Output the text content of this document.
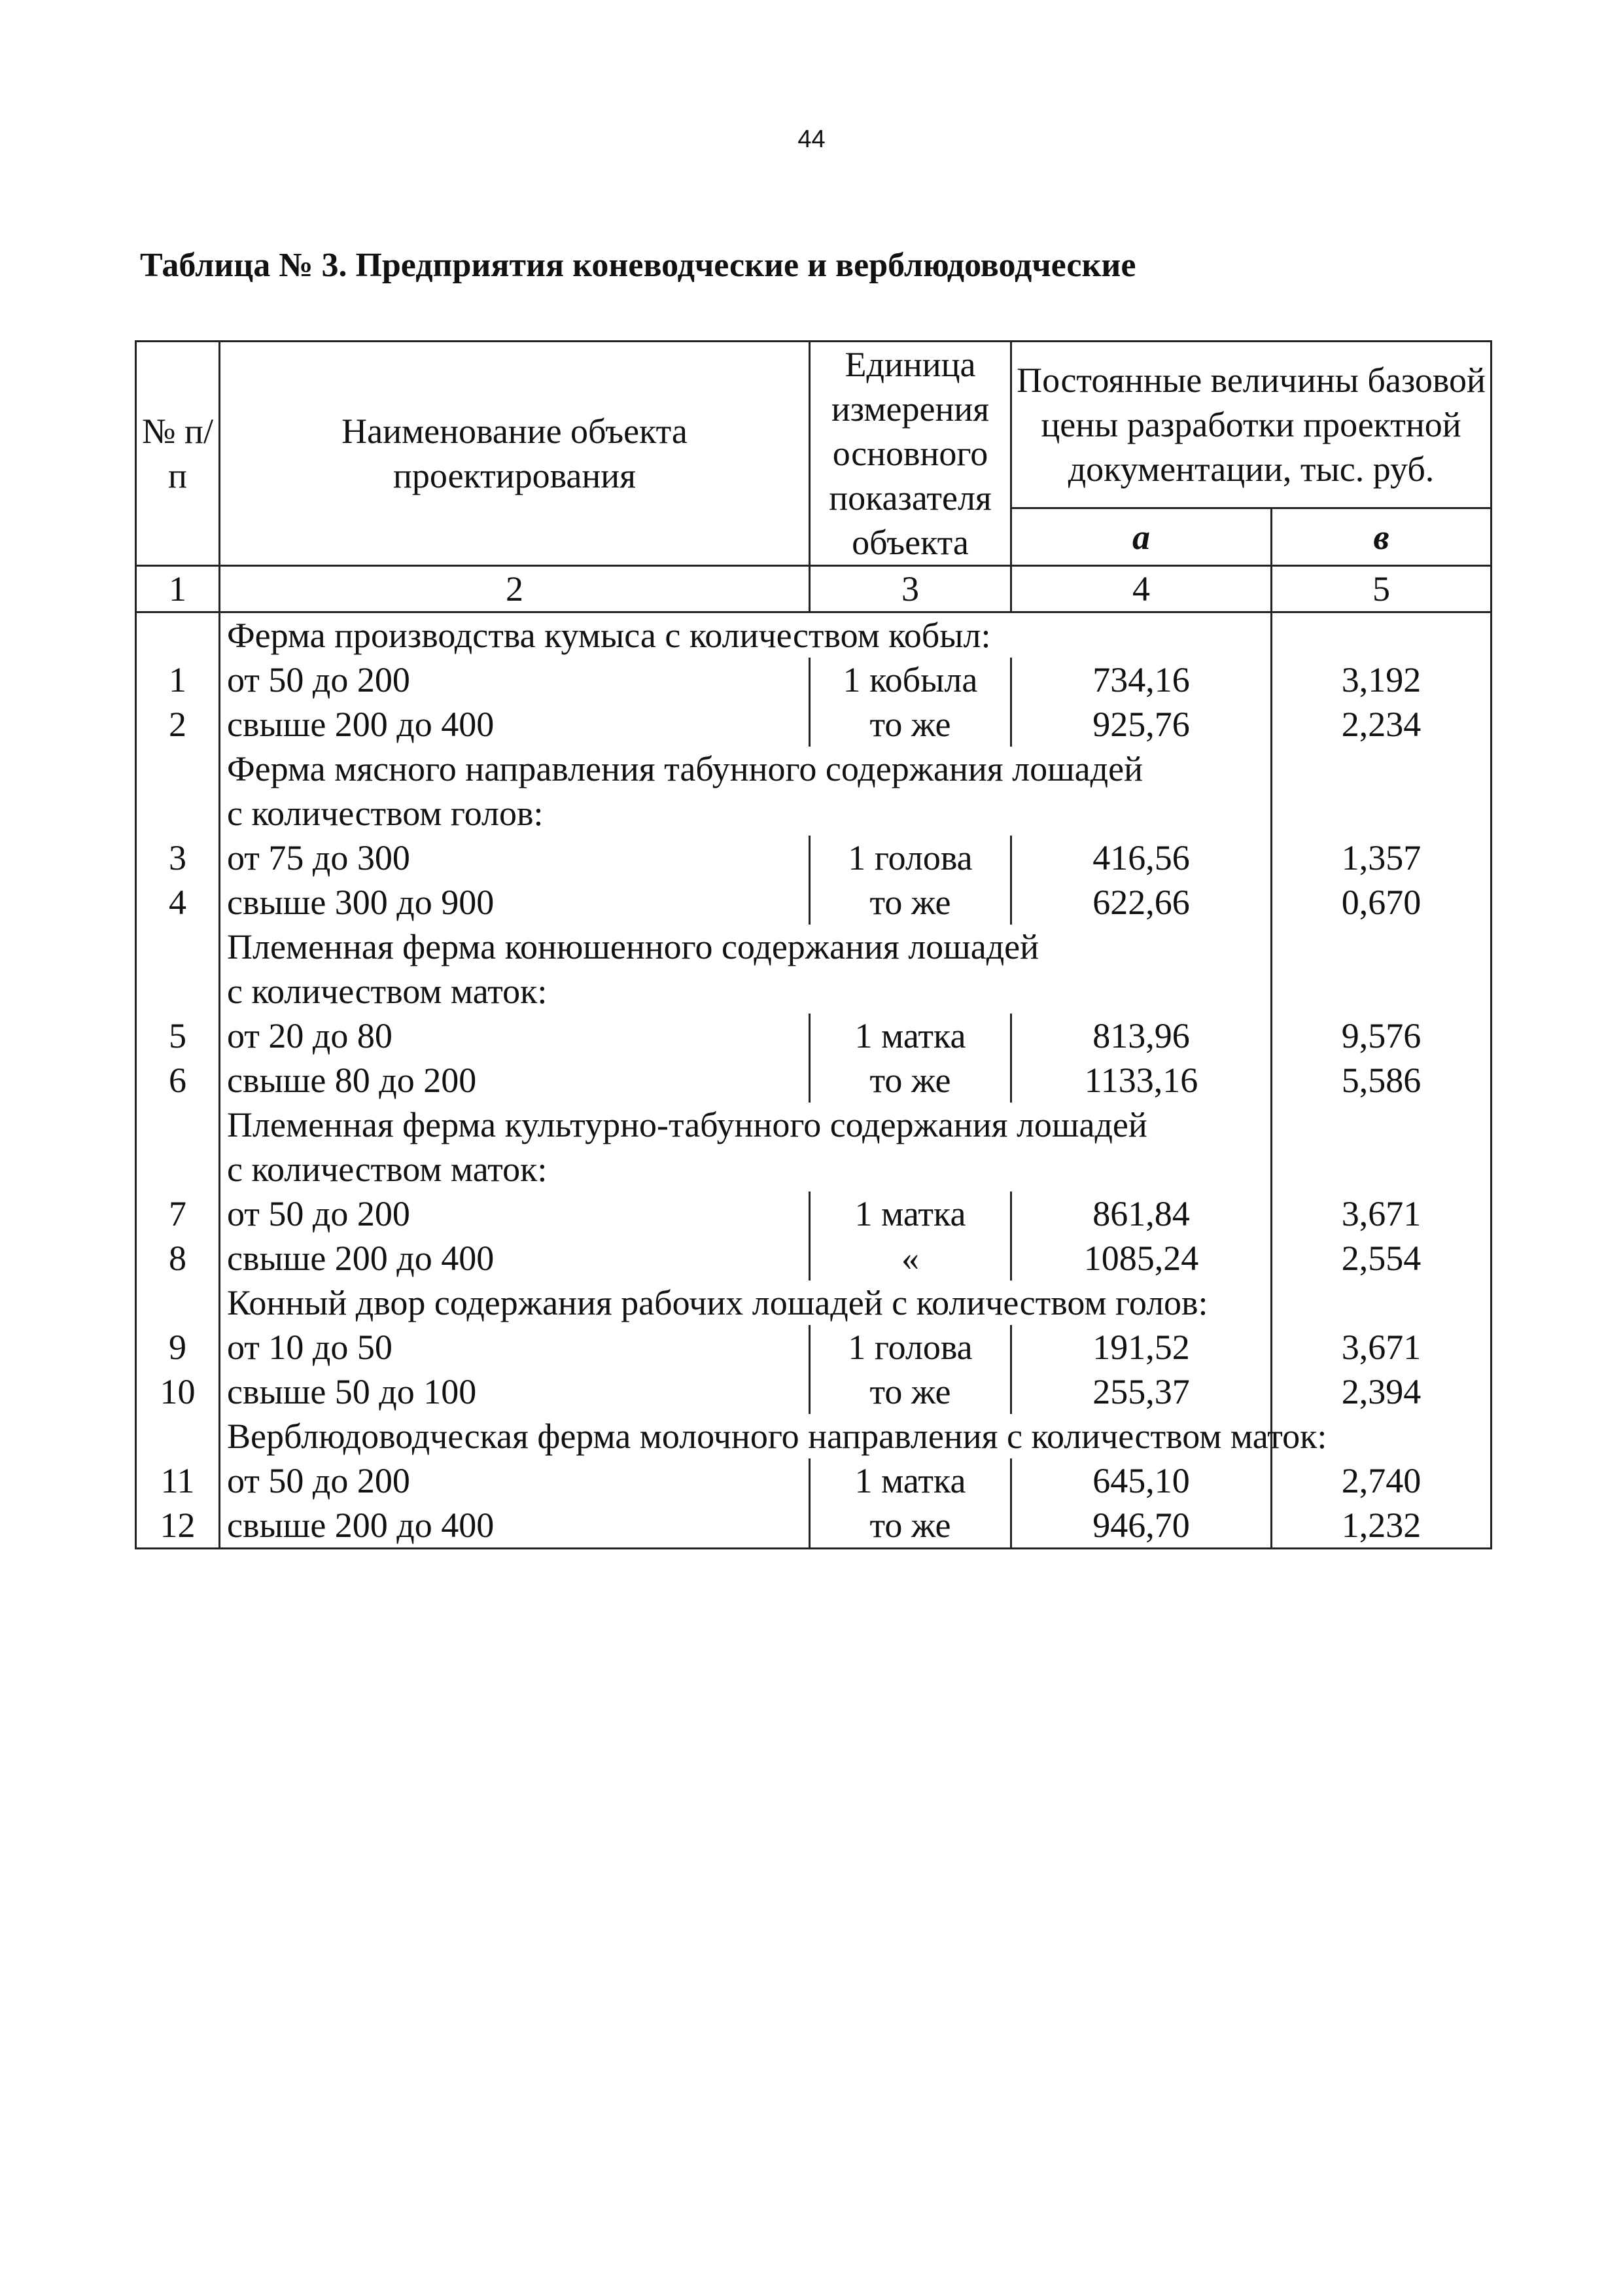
44
Таблица № 3. Предприятия коневодческие и верблюдоводческие
№ п/п	Наименование объекта проектирования	Единица измерения основного показателя объекта	Постоянные величины базовой цены разработки проектной документации, тыс. руб.	
			а	в
1	2	3	4	5
	Ферма производства кумыса с количеством кобыл:			
1	от 50 до 200	1 кобыла	734,16	3,192
2	свыше 200 до 400	то же	925,76	2,234
	Ферма мясного направления табунного содержания лошадей			
	с количеством голов:			
3	от 75 до 300	1 голова	416,56	1,357
4	свыше 300 до 900	то же	622,66	0,670
	Племенная ферма конюшенного содержания лошадей			
	с количеством маток:			
5	от 20 до 80	1 матка	813,96	9,576
6	свыше 80 до 200	то же	1133,16	5,586
	Племенная ферма культурно-табунного содержания лошадей			
	с количеством маток:			
7	от 50 до 200	1 матка	861,84	3,671
8	свыше 200 до 400	«	1085,24	2,554
	Конный двор содержания рабочих лошадей с количеством голов:			
9	от 10 до 50	1 голова	191,52	3,671
10	свыше 50 до 100	то же	255,37	2,394
	Верблюдоводческая ферма молочного направления с количеством маток:			
11	от 50 до 200	1 матка	645,10	2,740
12	свыше 200 до 400	то же	946,70	1,232
